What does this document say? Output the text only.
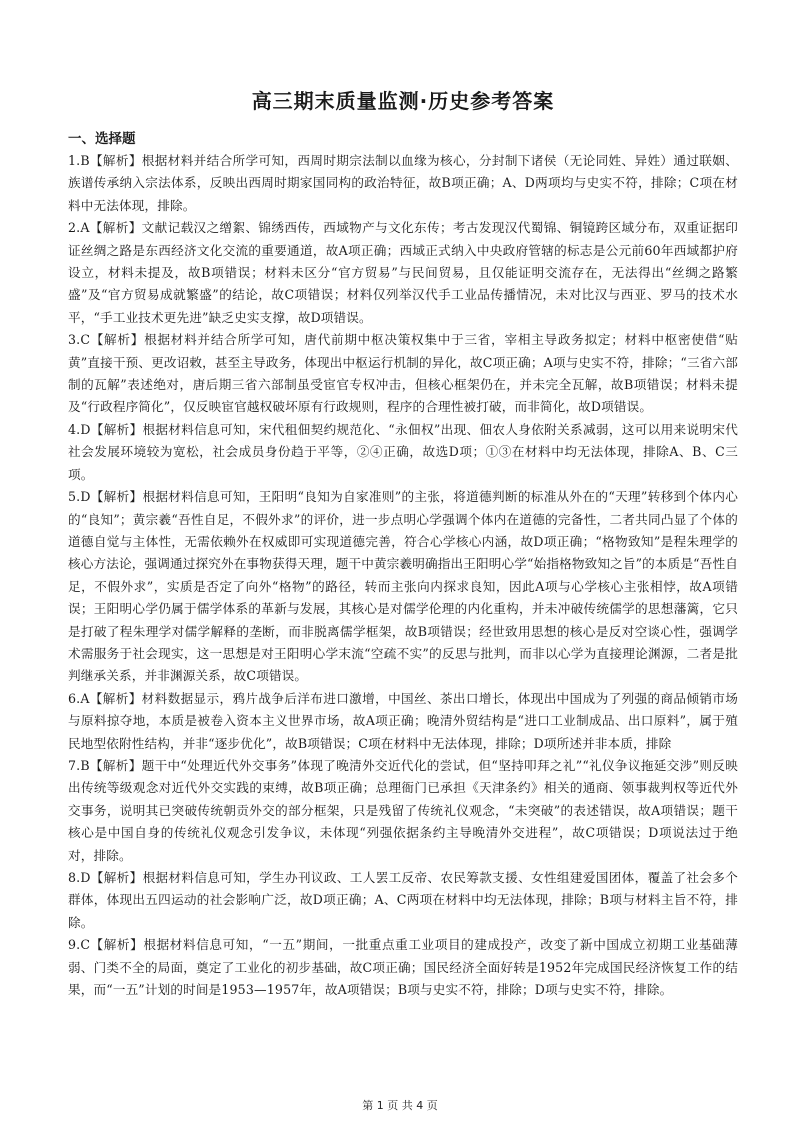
高三期末质量监测·历史参考答案

一、选择题

1.B【解析】根据材料并结合所学可知，西周时期宗法制以血缘为核心，分封制下诸侯（无论同姓、异姓）通过联姻、族谱传承纳入宗法体系，反映出西周时期家国同构的政治特征，故B项正确；A、D两项均与史实不符，排除；C项在材料中无法体现，排除。

2.A【解析】文献记载汉之缯絮、锦绣西传，西域物产与文化东传；考古发现汉代蜀锦、铜镜跨区域分布，双重证据印证丝绸之路是东西经济文化交流的重要通道，故A项正确；西域正式纳入中央政府管辖的标志是公元前60年西域都护府设立，材料未提及，故B项错误；材料未区分“官方贸易”与民间贸易，且仅能证明交流存在，无法得出“丝绸之路繁盛”及“官方贸易成就繁盛”的结论，故C项错误；材料仅列举汉代手工业品传播情况，未对比汉与西亚、罗马的技术水平，“手工业技术更先进”缺乏史实支撑，故D项错误。

3.C【解析】根据材料并结合所学可知，唐代前期中枢决策权集中于三省，宰相主导政务拟定；材料中枢密使借“贴黄”直接干预、更改诏敕，甚至主导政务，体现出中枢运行机制的异化，故C项正确；A项与史实不符，排除；“三省六部制的瓦解”表述绝对，唐后期三省六部制虽受宦官专权冲击，但核心框架仍在，并未完全瓦解，故B项错误；材料未提及“行政程序简化”，仅反映宦官越权破坏原有行政规则，程序的合理性被打破，而非简化，故D项错误。

4.D【解析】根据材料信息可知，宋代租佃契约规范化、“永佃权”出现、佃农人身依附关系减弱，这可以用来说明宋代社会发展环境较为宽松，社会成员身份趋于平等，②④正确，故选D项；①③在材料中均无法体现，排除A、B、C三项。

5.D【解析】根据材料信息可知，王阳明“良知为自家准则”的主张，将道德判断的标准从外在的“天理”转移到个体内心的“良知”；黄宗羲“吾性自足，不假外求”的评价，进一步点明心学强调个体内在道德的完备性，二者共同凸显了个体的道德自觉与主体性，无需依赖外在权威即可实现道德完善，符合心学核心内涵，故D项正确；“格物致知”是程朱理学的核心方法论，强调通过探究外在事物获得天理，题干中黄宗羲明确指出王阳明心学“始指格物致知之旨”的本质是“吾性自足，不假外求”，实质是否定了向外“格物”的路径，转而主张向内探求良知，因此A项与心学核心主张相悖，故A项错误；王阳明心学仍属于儒学体系的革新与发展，其核心是对儒学伦理的内化重构，并未冲破传统儒学的思想藩篱，它只是打破了程朱理学对儒学解释的垄断，而非脱离儒学框架，故B项错误；经世致用思想的核心是反对空谈心性，强调学术需服务于社会现实，这一思想是对王阳明心学末流“空疏不实”的反思与批判，而非以心学为直接理论渊源，二者是批判继承关系，并非渊源关系，故C项错误。

6.A【解析】材料数据显示，鸦片战争后洋布进口激增，中国丝、茶出口增长，体现出中国成为了列强的商品倾销市场与原料掠夺地，本质是被卷入资本主义世界市场，故A项正确；晚清外贸结构是“进口工业制成品、出口原料”，属于殖民地型依附性结构，并非“逐步优化”，故B项错误；C项在材料中无法体现，排除；D项所述并非本质，排除

7.B【解析】题干中“处理近代外交事务”体现了晚清外交近代化的尝试，但“坚持叩拜之礼”“礼仪争议拖延交涉”则反映出传统等级观念对近代外交实践的束缚，故B项正确；总理衙门已承担《天津条约》相关的通商、领事裁判权等近代外交事务，说明其已突破传统朝贡外交的部分框架，只是残留了传统礼仪观念，“未突破”的表述错误，故A项错误；题干核心是中国自身的传统礼仪观念引发争议，未体现“列强依据条约主导晚清外交进程”，故C项错误；D项说法过于绝对，排除。

8.D【解析】根据材料信息可知，学生办刊议政、工人罢工反帝、农民筹款支援、女性组建爱国团体，覆盖了社会多个群体，体现出五四运动的社会影响广泛，故D项正确；A、C两项在材料中均无法体现，排除；B项与材料主旨不符，排除。

9.C【解析】根据材料信息可知，“一五”期间，一批重点重工业项目的建成投产，改变了新中国成立初期工业基础薄弱、门类不全的局面，奠定了工业化的初步基础，故C项正确；国民经济全面好转是1952年完成国民经济恢复工作的结果，而“一五”计划的时间是1953—1957年，故A项错误；B项与史实不符，排除；D项与史实不符，排除。

第 1 页 共 4 页
